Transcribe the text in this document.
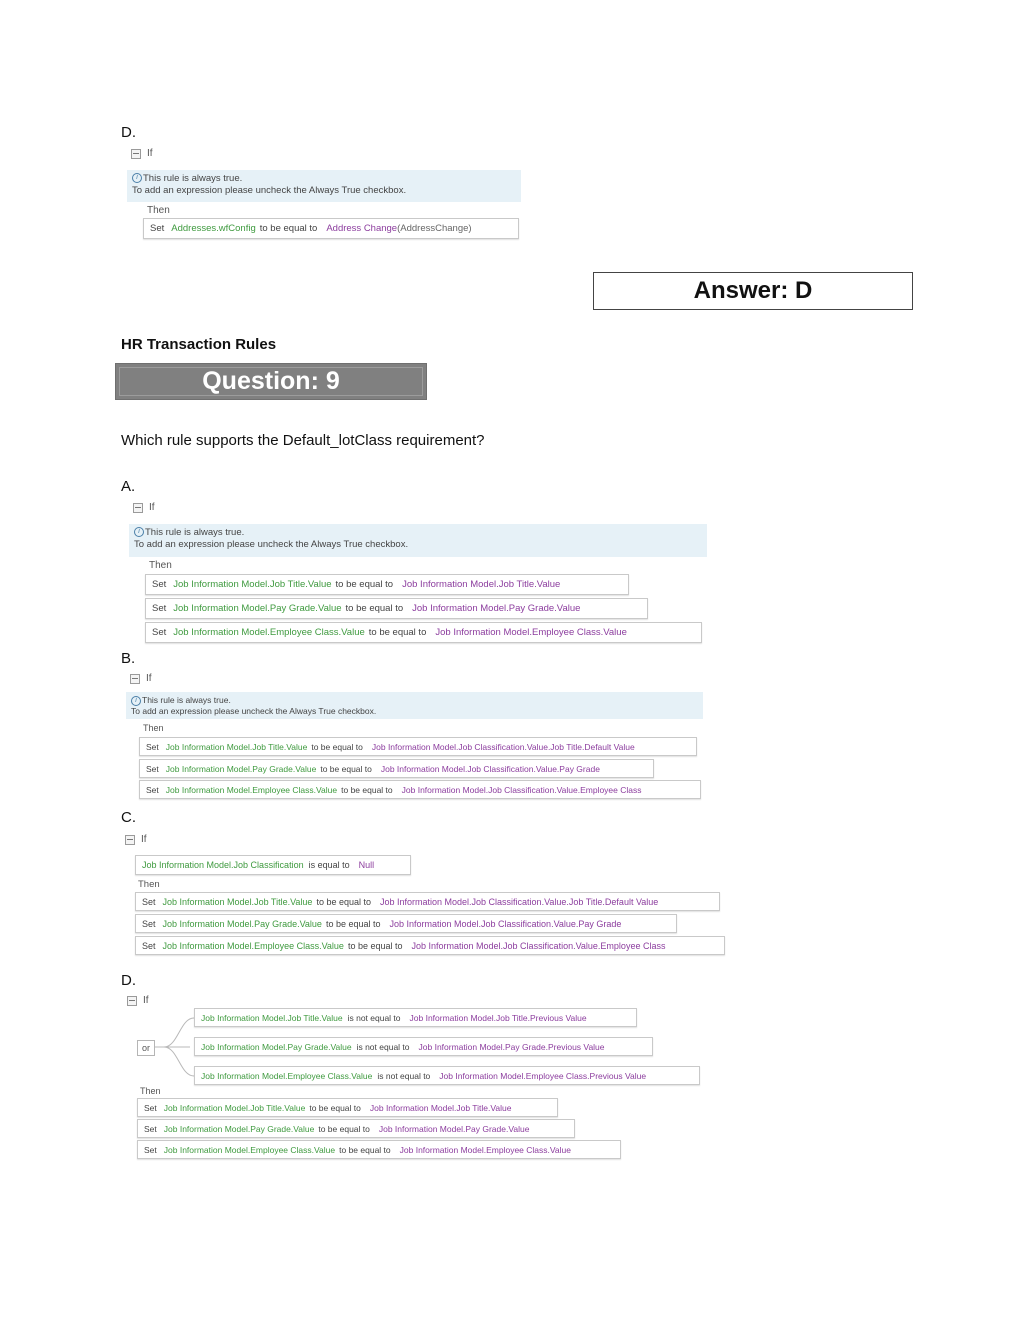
D.
If
i This rule is always true.
To add an expression please uncheck the Always True checkbox.
Then
Set Addresses.wfConfig to be equal to Address Change (AddressChange)
Answer: D
HR Transaction Rules
Question: 9
Which rule supports the Default_lotClass requirement?
A.
If
i This rule is always true.
To add an expression please uncheck the Always True checkbox.
Then
Set Job Information Model.Job Title.Value to be equal to Job Information Model.Job Title.Value
Set Job Information Model.Pay Grade.Value to be equal to Job Information Model.Pay Grade.Value
Set Job Information Model.Employee Class.Value to be equal to Job Information Model.Employee Class.Value
B.
If
i This rule is always true.
To add an expression please uncheck the Always True checkbox.
Then
Set Job Information Model.Job Title.Value to be equal to Job Information Model.Job Classification.Value.Job Title.Default Value
Set Job Information Model.Pay Grade.Value to be equal to Job Information Model.Job Classification.Value.Pay Grade
Set Job Information Model.Employee Class.Value to be equal to Job Information Model.Job Classification.Value.Employee Class
C.
If
Job Information Model.Job Classification is equal to Null
Then
Set Job Information Model.Job Title.Value to be equal to Job Information Model.Job Classification.Value.Job Title.Default Value
Set Job Information Model.Pay Grade.Value to be equal to Job Information Model.Job Classification.Value.Pay Grade
Set Job Information Model.Employee Class.Value to be equal to Job Information Model.Job Classification.Value.Employee Class
D.
If
or
Job Information Model.Job Title.Value is not equal to Job Information Model.Job Title.Previous Value
Job Information Model.Pay Grade.Value is not equal to Job Information Model.Pay Grade.Previous Value
Job Information Model.Employee Class.Value is not equal to Job Information Model.Employee Class.Previous Value
Then
Set Job Information Model.Job Title.Value to be equal to Job Information Model.Job Title.Value
Set Job Information Model.Pay Grade.Value to be equal to Job Information Model.Pay Grade.Value
Set Job Information Model.Employee Class.Value to be equal to Job Information Model.Employee Class.Value
